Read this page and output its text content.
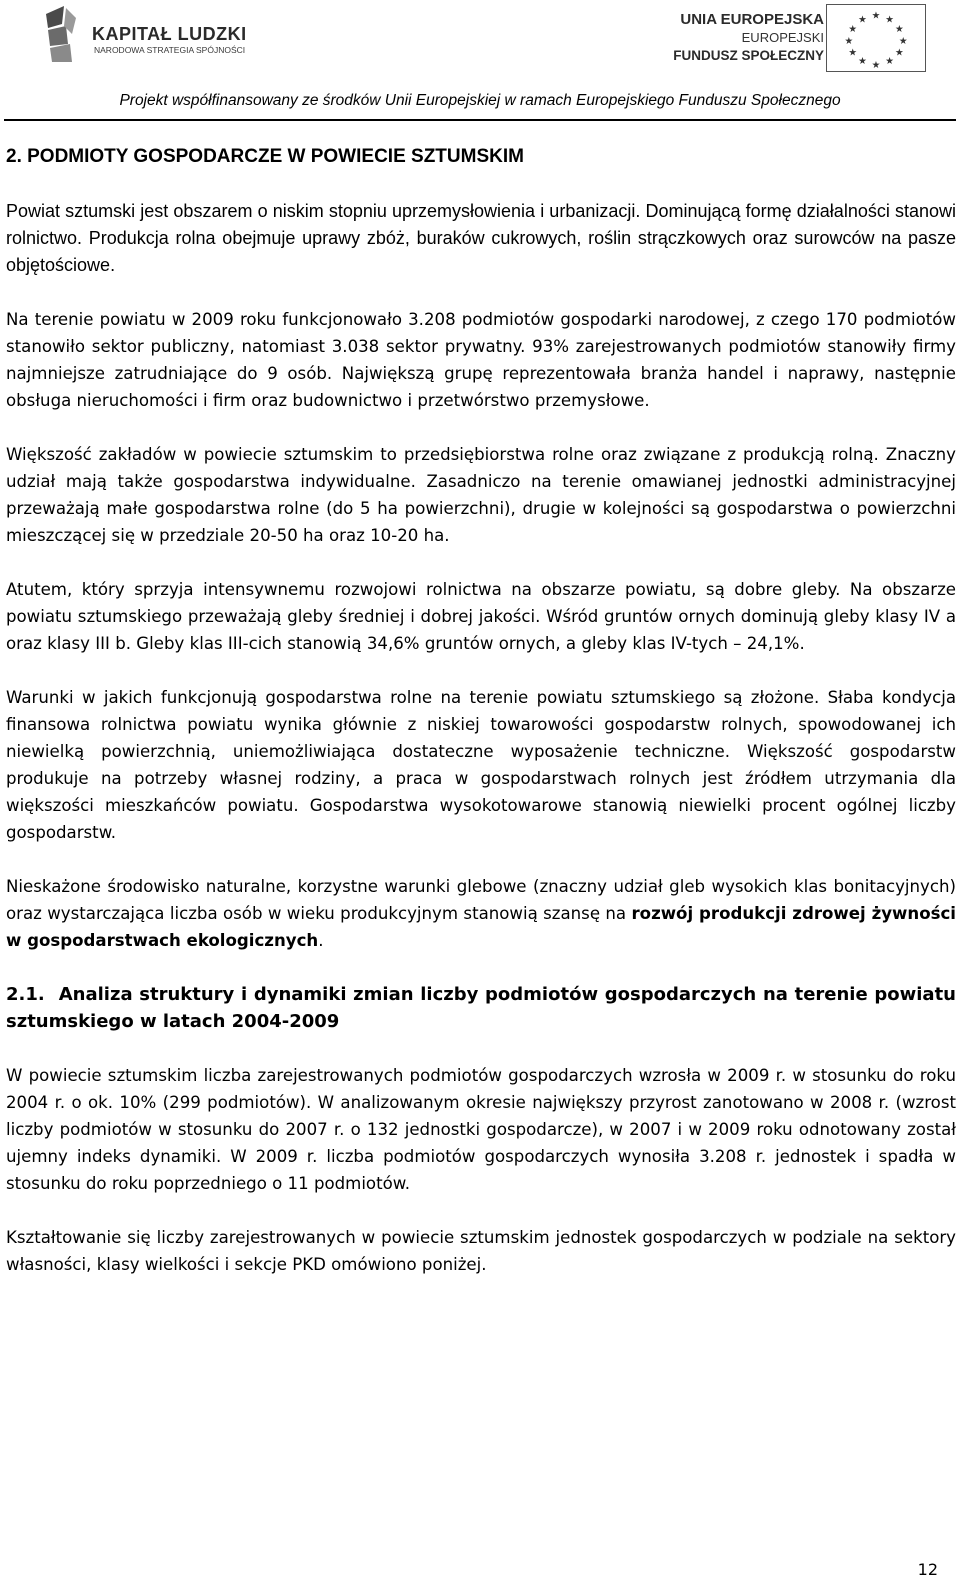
KAPITAŁ LUDZKI
NARODOWA STRATEGIA SPÓJNOŚCI
UNIA EUROPEJSKA
EUROPEJSKI
FUNDUSZ SPOŁECZNY
★ ★
★
★
★
★
★
★
★
★
★
★
Projekt współfinansowany ze środków Unii Europejskiej w ramach Europejskiego Funduszu Społecznego
2. PODMIOTY GOSPODARCZE W POWIECIE SZTUMSKIM

Powiat sztumski jest obszarem o niskim stopniu uprzemysłowienia i urbanizacji. Dominującą formę działalności stanowi rolnictwo. Produkcja rolna obejmuje uprawy zbóż, buraków cukrowych, roślin strączkowych oraz surowców na pasze objętościowe.

Na terenie powiatu w 2009 roku funkcjonowało 3.208 podmiotów gospodarki narodowej, z czego 170 podmiotów stanowiło sektor publiczny, natomiast 3.038 sektor prywatny. 93% zarejestrowanych podmiotów stanowiły firmy najmniejsze zatrudniające do 9 osób. Największą grupę reprezentowała branża handel i naprawy, następnie obsługa nieruchomości i firm oraz budownictwo i przetwórstwo przemysłowe.

Większość zakładów w powiecie sztumskim to przedsiębiorstwa rolne oraz związane z produkcją rolną. Znaczny udział mają także gospodarstwa indywidualne. Zasadniczo na terenie omawianej jednostki administracyjnej przeważają małe gospodarstwa rolne (do 5 ha powierzchni), drugie w kolejności są gospodarstwa o powierzchni mieszczącej się w przedziale 20-50 ha oraz 10-20 ha.

Atutem, który sprzyja intensywnemu rozwojowi rolnictwa na obszarze powiatu, są dobre gleby. Na obszarze powiatu sztumskiego przeważają gleby średniej i dobrej jakości. Wśród gruntów ornych dominują gleby klasy IV a oraz klasy III b. Gleby klas III-cich stanowią 34,6% gruntów ornych, a gleby klas IV-tych – 24,1%.

Warunki w jakich funkcjonują gospodarstwa rolne na terenie powiatu sztumskiego są złożone. Słaba kondycja finansowa rolnictwa powiatu wynika głównie z niskiej towarowości gospodarstw rolnych, spowodowanej ich niewielką powierzchnią, uniemożliwiająca dostateczne wyposażenie techniczne. Większość gospodarstw produkuje na potrzeby własnej rodziny, a praca w gospodarstwach rolnych jest źródłem utrzymania dla większości mieszkańców powiatu. Gospodarstwa wysokotowarowe stanowią niewielki procent ogólnej liczby gospodarstw.

Nieskażone środowisko naturalne, korzystne warunki glebowe (znaczny udział gleb wysokich klas bonitacyjnych) oraz wystarczająca liczba osób w wieku produkcyjnym stanowią szansę na rozwój produkcji zdrowej żywności w gospodarstwach ekologicznych.

2.1. Analiza struktury i dynamiki zmian liczby podmiotów gospodarczych na terenie powiatu sztumskiego w latach 2004-2009

W powiecie sztumskim liczba zarejestrowanych podmiotów gospodarczych wzrosła w 2009 r. w stosunku do roku 2004 r. o ok. 10% (299 podmiotów). W analizowanym okresie największy przyrost zanotowano w 2008 r. (wzrost liczby podmiotów w stosunku do 2007 r. o 132 jednostki gospodarcze), w 2007 i w 2009 roku odnotowany został ujemny indeks dynamiki. W 2009 r. liczba podmiotów gospodarczych wynosiła 3.208 r. jednostek i spadła w stosunku do roku poprzedniego o 11 podmiotów.

Kształtowanie się liczby zarejestrowanych w powiecie sztumskim jednostek gospodarczych w podziale na sektory własności, klasy wielkości i sekcje PKD omówiono poniżej.

12
